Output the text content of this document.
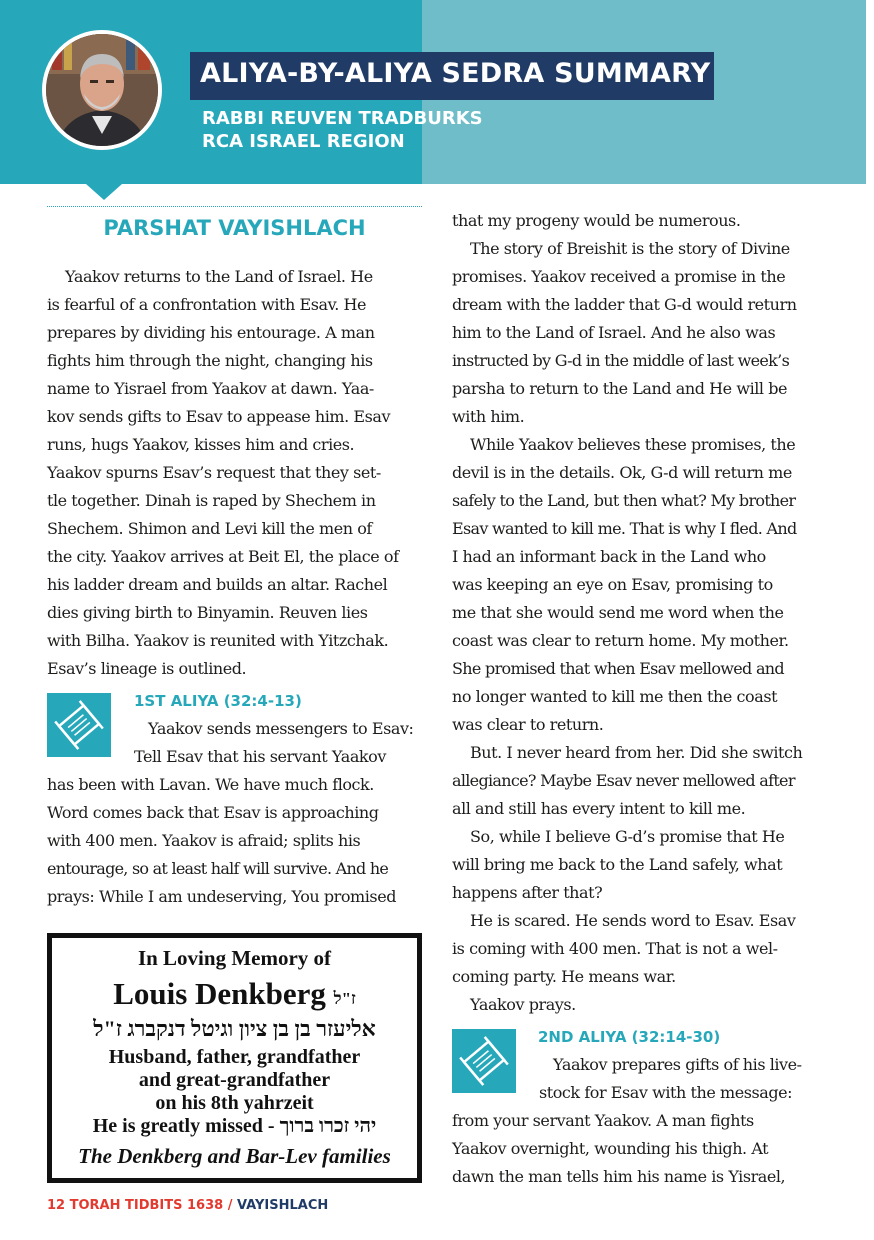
ALIYA-BY-ALIYA SEDRA SUMMARY
RABBI REUVEN TRADBURKS
RCA ISRAEL REGION
PARSHAT VAYISHLACH
Yaakov returns to the Land of Israel. He
is fearful of a confrontation with Esav. He
prepares by dividing his entourage. A man
fights him through the night, changing his
name to Yisrael from Yaakov at dawn. Yaa-
kov sends gifts to Esav to appease him. Esav
runs, hugs Yaakov, kisses him and cries.
Yaakov spurns Esav’s request that they set-
tle together. Dinah is raped by Shechem in
Shechem. Shimon and Levi kill the men of
the city. Yaakov arrives at Beit El, the place of
his ladder dream and builds an altar. Rachel
dies giving birth to Binyamin. Reuven lies
with Bilha. Yaakov is reunited with Yitzchak.
Esav’s lineage is outlined.
1ST ALIYA (32:4-13)
Yaakov sends messengers to Esav:
Tell Esav that his servant Yaakov
has been with Lavan. We have much flock.
Word comes back that Esav is approaching
with 400 men. Yaakov is afraid; splits his
entourage, so at least half will survive. And he
prays: While I am undeserving, You promised
In Loving Memory of
Louis Denkberg ז"ל
אליעזר בן בן ציון וגיטל דנקברג ז"ל
Husband, father, grandfather
and great-grandfather
on his 8th yahrzeit
He is greatly missed - יהי זכרו ברוך
The Denkberg and Bar-Lev families
12 TORAH TIDBITS 1638 / VAYISHLACH
that my progeny would be numerous.
The story of Breishit is the story of Divine
promises. Yaakov received a promise in the
dream with the ladder that G-d would return
him to the Land of Israel. And he also was
instructed by G-d in the middle of last week’s
parsha to return to the Land and He will be
with him.
While Yaakov believes these promises, the
devil is in the details. Ok, G-d will return me
safely to the Land, but then what? My brother
Esav wanted to kill me. That is why I fled. And
I had an informant back in the Land who
was keeping an eye on Esav, promising to
me that she would send me word when the
coast was clear to return home. My mother.
She promised that when Esav mellowed and
no longer wanted to kill me then the coast
was clear to return.
But. I never heard from her. Did she switch
allegiance? Maybe Esav never mellowed after
all and still has every intent to kill me.
So, while I believe G-d’s promise that He
will bring me back to the Land safely, what
happens after that?
He is scared. He sends word to Esav. Esav
is coming with 400 men. That is not a wel-
coming party. He means war.
Yaakov prays.
2ND ALIYA (32:14-30)
Yaakov prepares gifts of his live-
stock for Esav with the message:
from your servant Yaakov. A man fights
Yaakov overnight, wounding his thigh. At
dawn the man tells him his name is Yisrael,
